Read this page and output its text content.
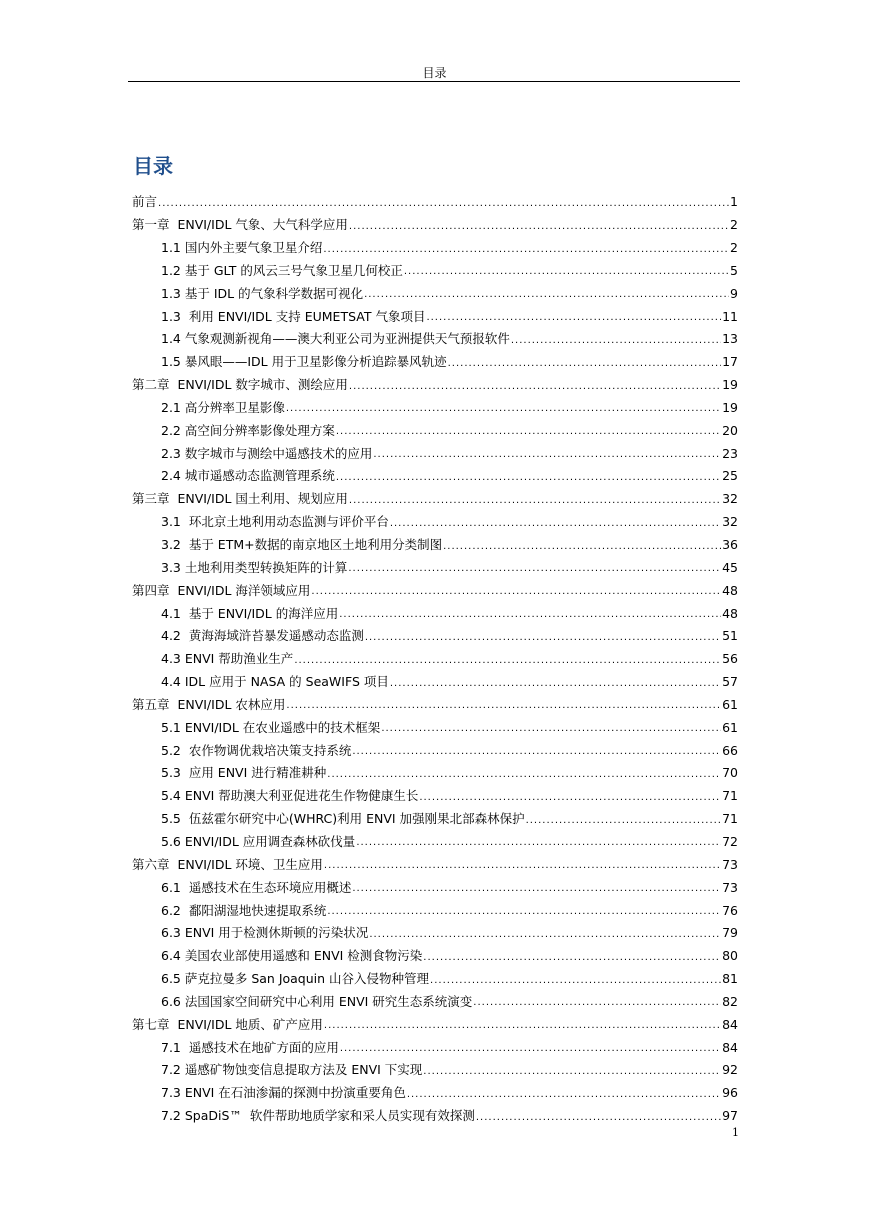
目录
目录
前言 .....	1
第一章  ENVI/IDL 气象、大气科学应用 .....	2
1.1 国内外主要气象卫星介绍 .....	2
1.2 基于 GLT 的风云三号气象卫星几何校正 .....	5
1.3 基于 IDL 的气象科学数据可视化 .....	9
1.3  利用 ENVI/IDL 支持 EUMETSAT 气象项目 .....	11
1.4 气象观测新视角——澳大利亚公司为亚洲提供天气预报软件 .....	13
1.5 暴风眼——IDL 用于卫星影像分析追踪暴风轨迹 .....	17
第二章  ENVI/IDL 数字城市、测绘应用 .....	19
2.1 高分辨率卫星影像 .....	19
2.2 高空间分辨率影像处理方案 .....	20
2.3 数字城市与测绘中遥感技术的应用 .....	23
2.4 城市遥感动态监测管理系统 .....	25
第三章  ENVI/IDL 国土利用、规划应用 .....	32
3.1  环北京土地利用动态监测与评价平台 .....	32
3.2  基于 ETM+数据的南京地区土地利用分类制图 .....	36
3.3 土地利用类型转换矩阵的计算 .....	45
第四章  ENVI/IDL 海洋领域应用 .....	48
4.1  基于 ENVI/IDL 的海洋应用 .....	48
4.2  黄海海域浒苔暴发遥感动态监测 .....	51
4.3 ENVI 帮助渔业生产 .....	56
4.4 IDL 应用于 NASA 的 SeaWIFS 项目 .....	57
第五章  ENVI/IDL 农林应用 .....	61
5.1 ENVI/IDL 在农业遥感中的技术框架 .....	61
5.2  农作物调优栽培决策支持系统 .....	66
5.3  应用 ENVI 进行精准耕种 .....	70
5.4 ENVI 帮助澳大利亚促进花生作物健康生长 .....	71
5.5  伍兹霍尔研究中心(WHRC)利用 ENVI 加强刚果北部森林保护 .....	71
5.6 ENVI/IDL 应用调查森林砍伐量 .....	72
第六章  ENVI/IDL 环境、卫生应用 .....	73
6.1  遥感技术在生态环境应用概述 .....	73
6.2  鄱阳湖湿地快速提取系统 .....	76
6.3 ENVI 用于检测休斯顿的污染状况 .....	79
6.4 美国农业部使用遥感和 ENVI 检测食物污染 .....	80
6.5 萨克拉曼多 San Joaquin 山谷入侵物种管理 .....	81
6.6 法国国家空间研究中心利用 ENVI 研究生态系统演变 .....	82
第七章  ENVI/IDL 地质、矿产应用 .....	84
7.1  遥感技术在地矿方面的应用 .....	84
7.2 遥感矿物蚀变信息提取方法及 ENVI 下实现 .....	92
7.3 ENVI 在石油渗漏的探测中扮演重要角色 .....	96
7.2 SpaDiS™  软件帮助地质学家和采人员实现有效探测 .....	97
1
